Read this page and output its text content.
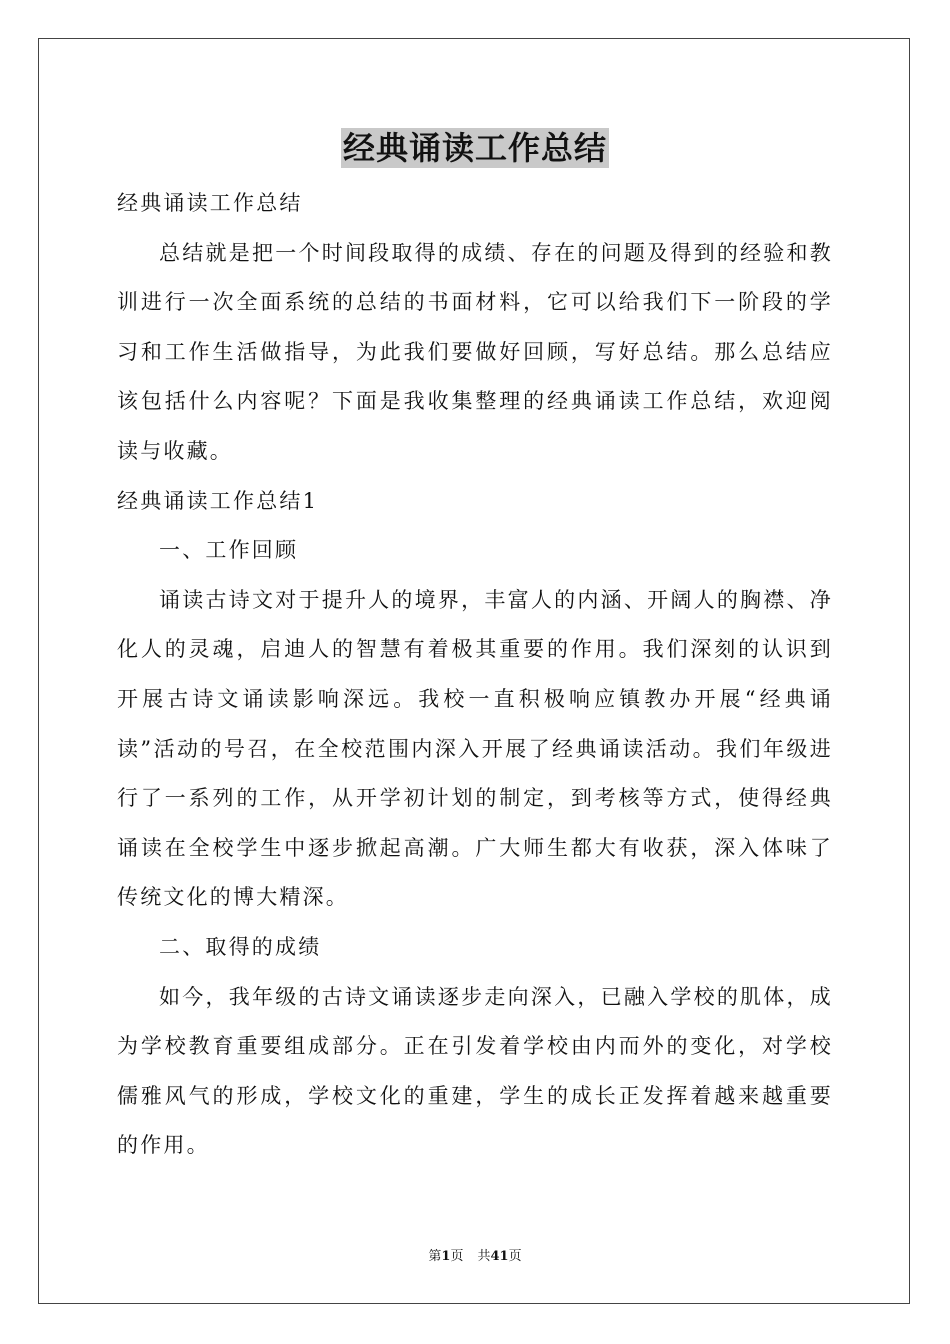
经典诵读工作总结

经典诵读工作总结

总结就是把一个时间段取得的成绩、存在的问题及得到的经验和教训进行一次全面系统的总结的书面材料，它可以给我们下一阶段的学习和工作生活做指导，为此我们要做好回顾，写好总结。那么总结应该包括什么内容呢？下面是我收集整理的经典诵读工作总结，欢迎阅读与收藏。

经典诵读工作总结1

一、工作回顾

诵读古诗文对于提升人的境界，丰富人的内涵、开阔人的胸襟、净化人的灵魂，启迪人的智慧有着极其重要的作用。我们深刻的认识到开展古诗文诵读影响深远。我校一直积极响应镇教办开展“经典诵读”活动的号召，在全校范围内深入开展了经典诵读活动。我们年级进行了一系列的工作，从开学初计划的制定，到考核等方式，使得经典诵读在全校学生中逐步掀起高潮。广大师生都大有收获，深入体味了传统文化的博大精深。

二、取得的成绩

如今，我年级的古诗文诵读逐步走向深入，已融入学校的肌体，成为学校教育重要组成部分。正在引发着学校由内而外的变化，对学校儒雅风气的形成，学校文化的重建，学生的成长正发挥着越来越重要的作用。

第1页 共41页
